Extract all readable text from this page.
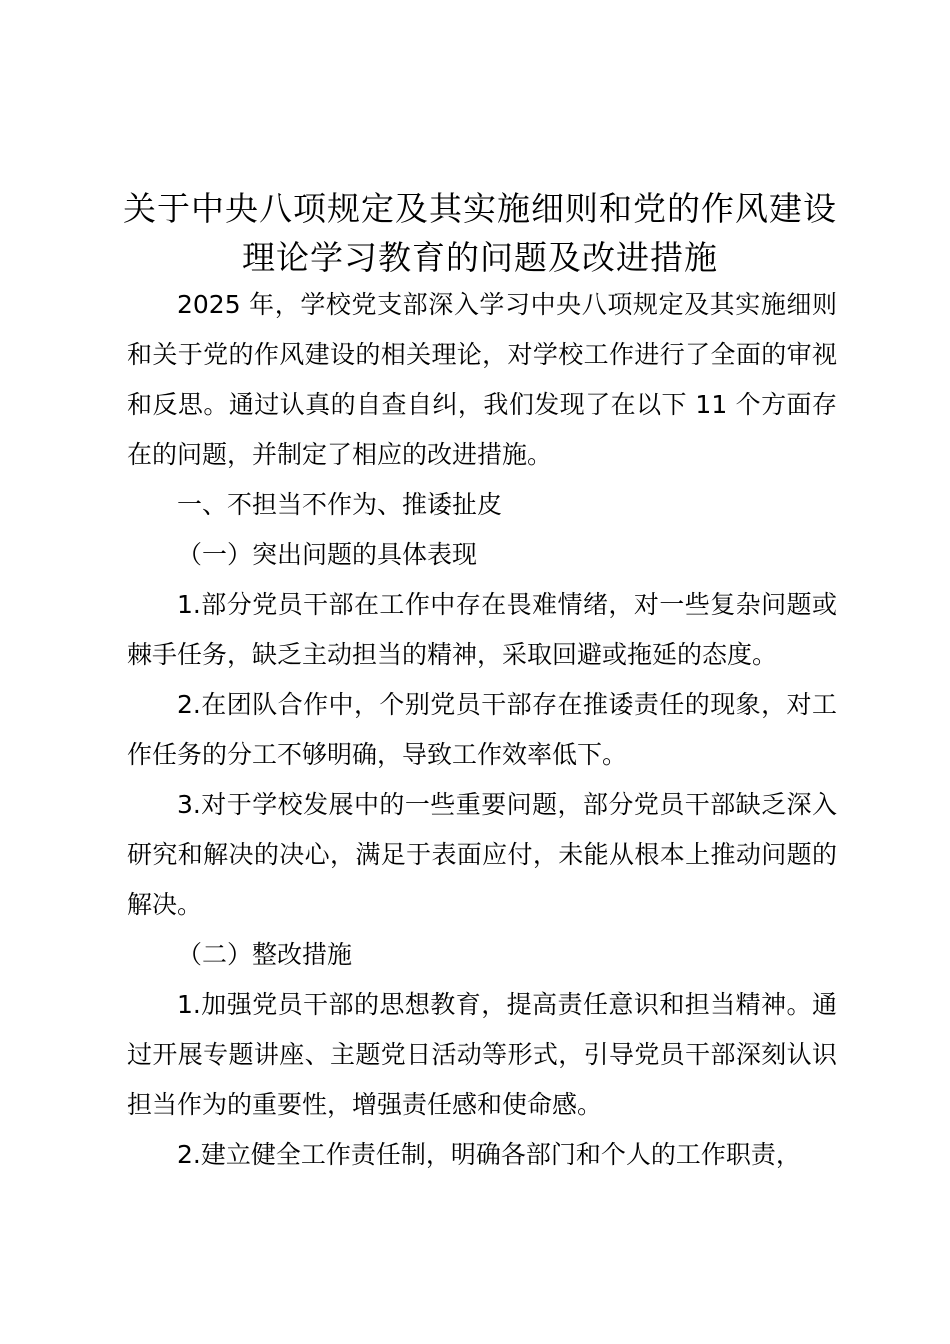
关于中央八项规定及其实施细则和党的作风建设理论学习教育的问题及改进措施

2025 年，学校党支部深入学习中央八项规定及其实施细则和关于党的作风建设的相关理论，对学校工作进行了全面的审视和反思。通过认真的自查自纠，我们发现了在以下 11 个方面存在的问题，并制定了相应的改进措施。

一、不担当不作为、推诿扯皮

（一）突出问题的具体表现

1.部分党员干部在工作中存在畏难情绪，对一些复杂问题或棘手任务，缺乏主动担当的精神，采取回避或拖延的态度。

2.在团队合作中，个别党员干部存在推诿责任的现象，对工作任务的分工不够明确，导致工作效率低下。

3.对于学校发展中的一些重要问题，部分党员干部缺乏深入研究和解决的决心，满足于表面应付，未能从根本上推动问题的解决。

（二）整改措施

1.加强党员干部的思想教育，提高责任意识和担当精神。通过开展专题讲座、主题党日活动等形式，引导党员干部深刻认识担当作为的重要性，增强责任感和使命感。

2.建立健全工作责任制，明确各部门和个人的工作职责，
